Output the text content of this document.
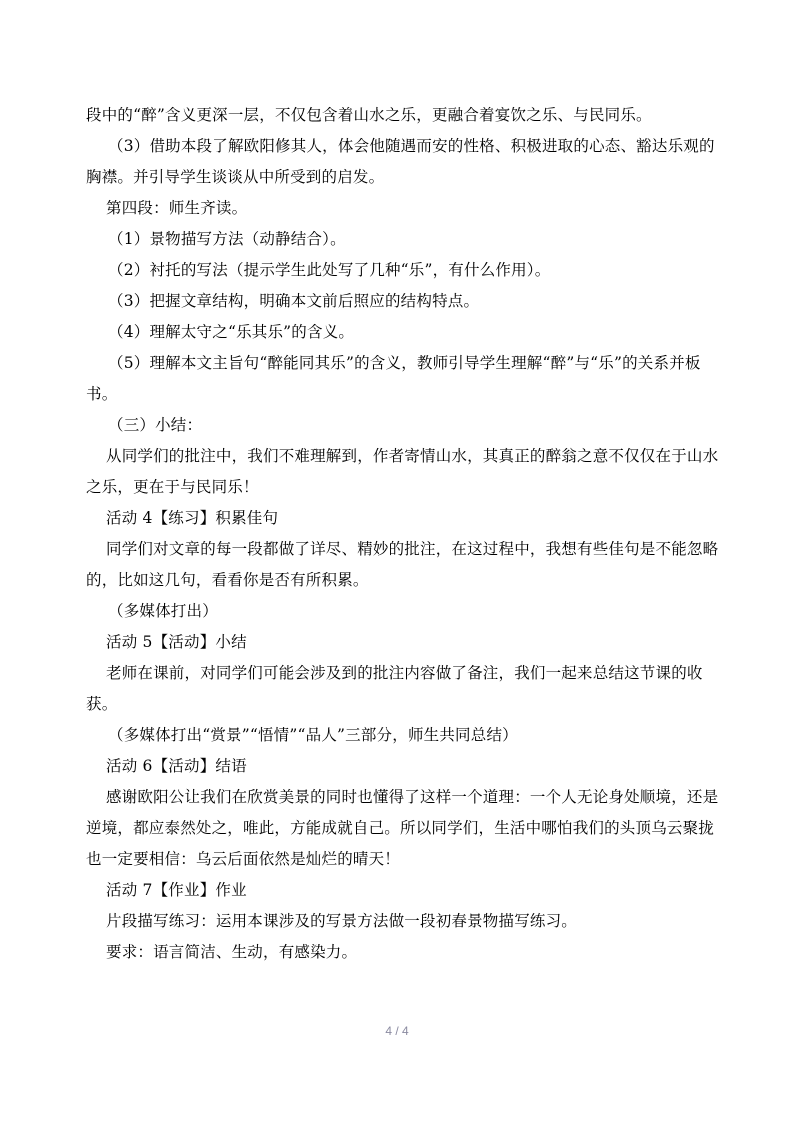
段中的“醉”含义更深一层，不仅包含着山水之乐，更融合着宴饮之乐、与民同乐。

（3）借助本段了解欧阳修其人，体会他随遇而安的性格、积极进取的心态、豁达乐观的胸襟。并引导学生谈谈从中所受到的启发。

第四段：师生齐读。

（1）景物描写方法（动静结合）。

（2）衬托的写法（提示学生此处写了几种“乐”，有什么作用）。

（3）把握文章结构，明确本文前后照应的结构特点。

（4）理解太守之“乐其乐”的含义。

（5）理解本文主旨句“醉能同其乐”的含义，教师引导学生理解“醉”与“乐”的关系并板书。

（三）小结：

从同学们的批注中，我们不难理解到，作者寄情山水，其真正的醉翁之意不仅仅在于山水之乐，更在于与民同乐！

活动 4【练习】积累佳句

同学们对文章的每一段都做了详尽、精妙的批注，在这过程中，我想有些佳句是不能忽略的，比如这几句，看看你是否有所积累。

（多媒体打出）

活动 5【活动】小结

老师在课前，对同学们可能会涉及到的批注内容做了备注，我们一起来总结这节课的收获。

（多媒体打出“赏景”“悟情”“品人”三部分，师生共同总结）

活动 6【活动】结语

感谢欧阳公让我们在欣赏美景的同时也懂得了这样一个道理：一个人无论身处顺境，还是逆境，都应泰然处之，唯此，方能成就自己。所以同学们，生活中哪怕我们的头顶乌云聚拢也一定要相信：乌云后面依然是灿烂的晴天！

活动 7【作业】作业

片段描写练习：运用本课涉及的写景方法做一段初春景物描写练习。

要求：语言简洁、生动，有感染力。

4 / 4
